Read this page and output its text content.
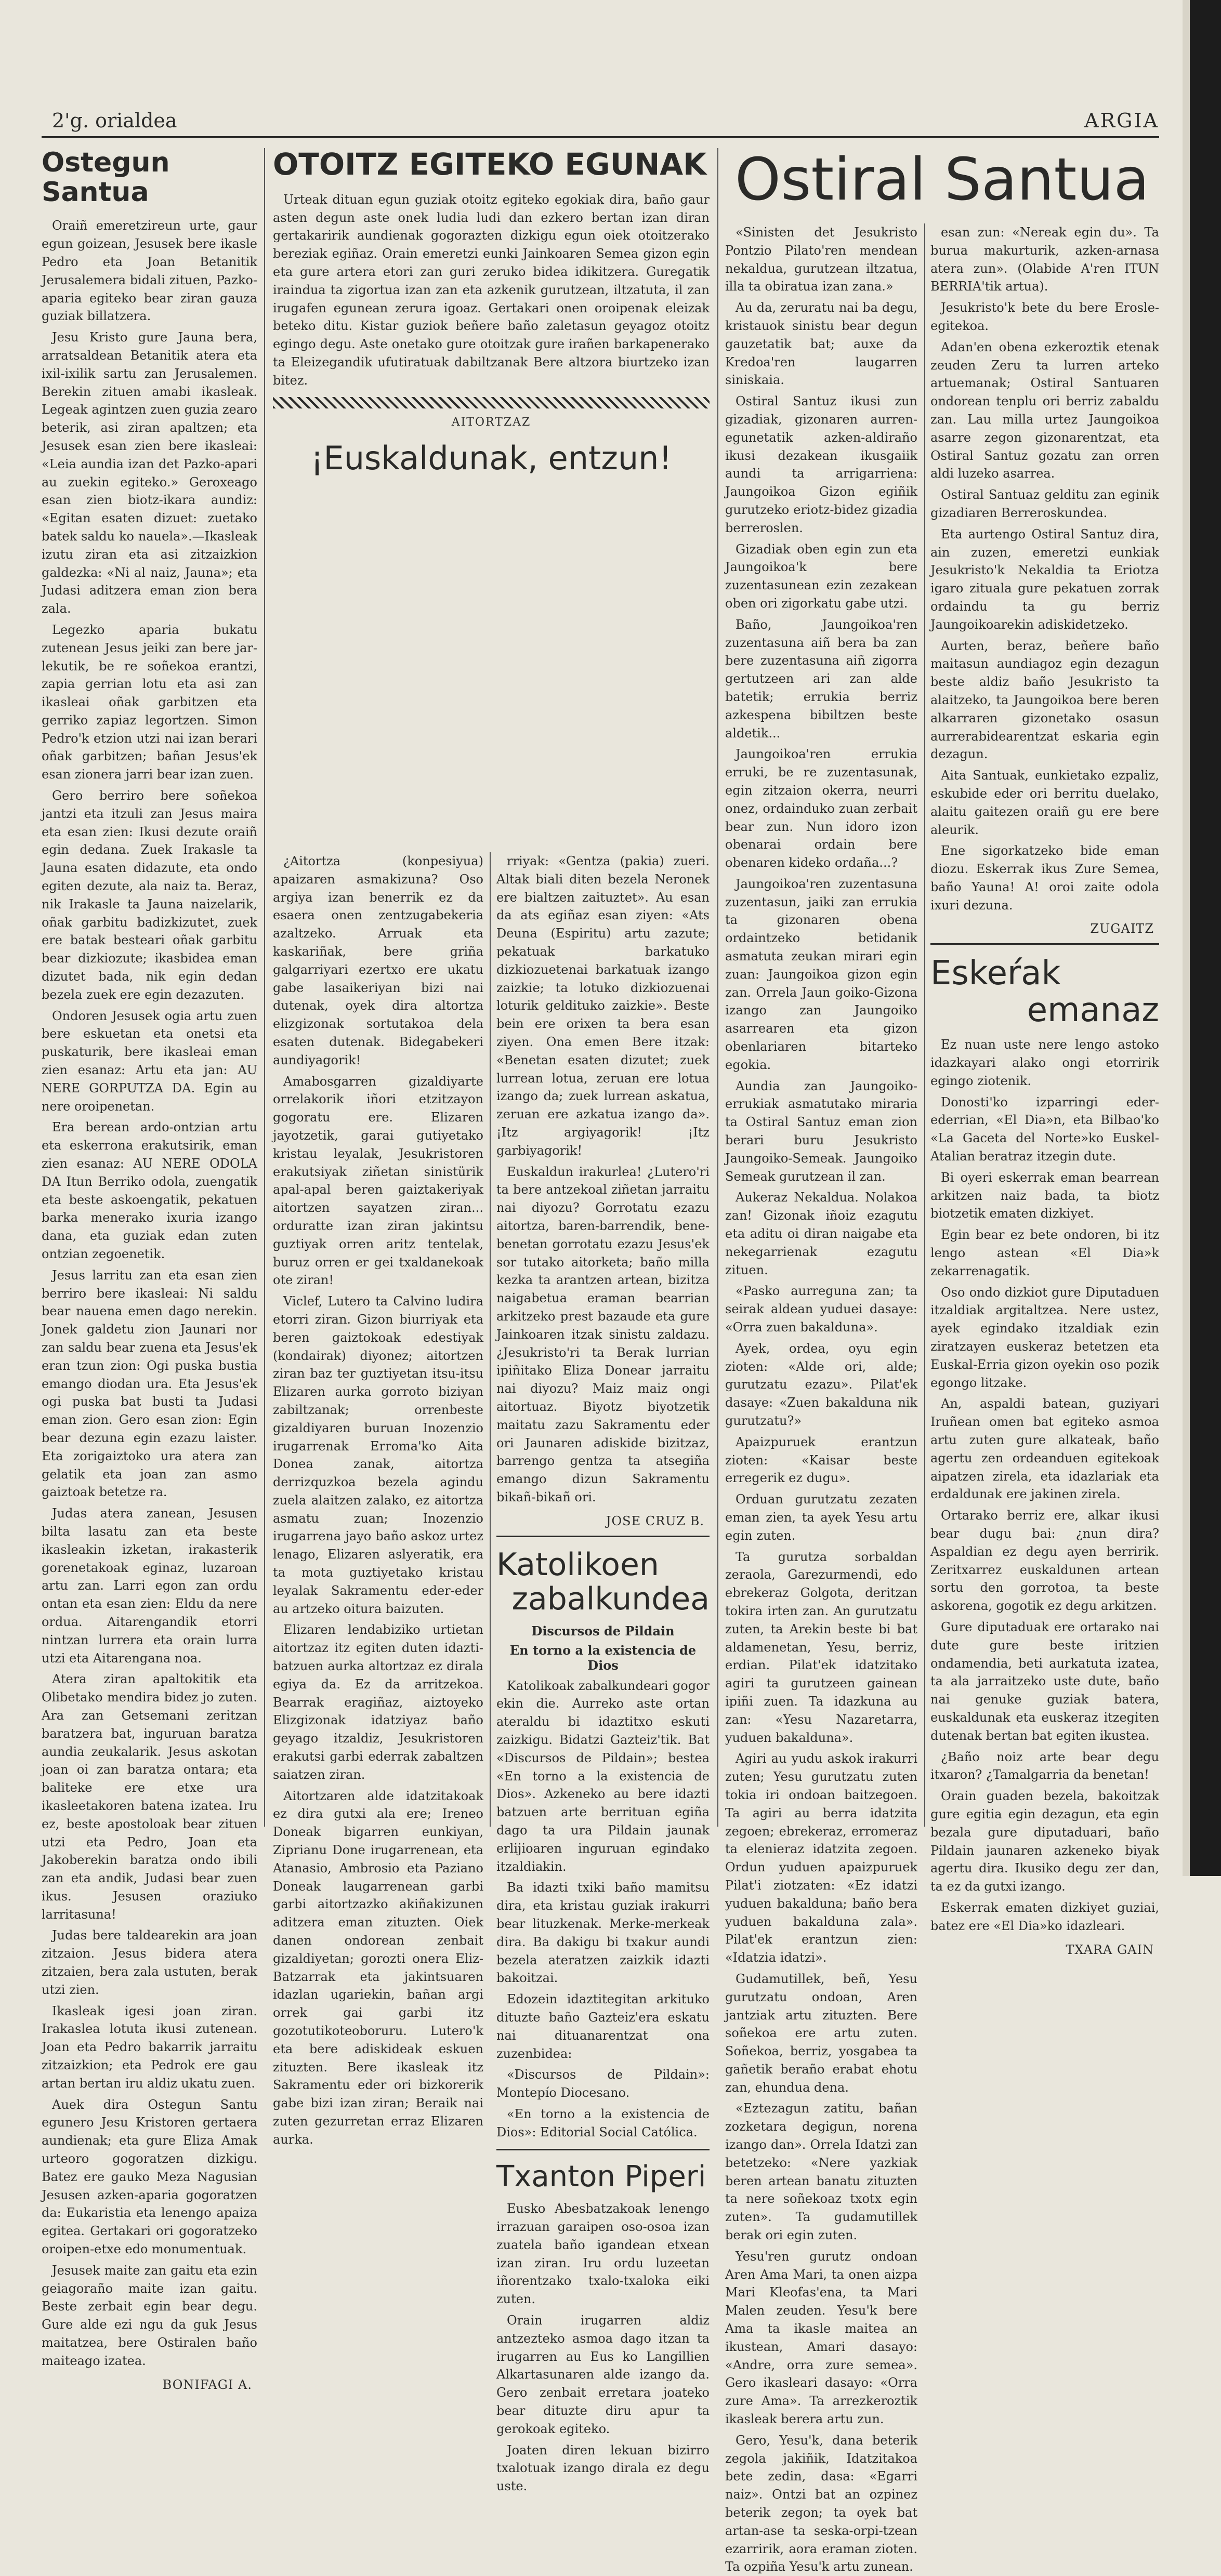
2'g. orialdea	ARGIA
Ostegun Santua

Oraiñ emeretzireun urte, gaur egun goizean, Jesusek bere ikasle Pedro eta Joan Betanitik Jerusalemera bidali zituen, Pazko-aparia egiteko bear ziran gauza guziak billatzera.

Jesu Kristo gure Jauna bera, arratsaldean Betanitik atera eta ixil-ixilik sartu zan Jerusalemen. Berekin zituen amabi ikasleak. Legeak agintzen zuen guzia zearo beterik, asi ziran apaltzen; eta Jesusek esan zien bere ikasleai: «Leia aundia izan det Pazko-apari au zuekin egiteko.» Geroxeago esan zien biotz-ikara aundiz: «Egitan esaten dizuet: zuetako batek saldu ko nauela».—Ikasleak izutu ziran eta asi zitzaizkion galdezka: «Ni al naiz, Jauna»; eta Judasi aditzera eman zion bera zala.

Legezko aparia bukatu zutenean Jesus jeiki zan bere jar-lekutik, be re soñekoa erantzi, zapia gerrian lotu eta asi zan ikasleai oñak garbitzen eta gerriko zapiaz legortzen. Simon Pedro'k etzion utzi nai izan berari oñak garbitzen; bañan Jesus'ek esan zionera jarri bear izan zuen.

Gero berriro bere soñekoa jantzi eta itzuli zan Jesus maira eta esan zien: Ikusi dezute oraiñ egin dedana. Zuek Irakasle ta Jauna esaten didazute, eta ondo egiten dezute, ala naiz ta. Beraz, nik Irakasle ta Jauna naizelarik, oñak garbitu badizkizutet, zuek ere batak besteari oñak garbitu bear dizkiozute; ikasbidea eman dizutet bada, nik egin dedan bezela zuek ere egin dezazuten.

Ondoren Jesusek ogia artu zuen bere eskuetan eta onetsi eta puskaturik, bere ikasleai eman zien esanaz: Artu eta jan: AU NERE GORPUTZA DA. Egin au nere oroipenetan.

Era berean ardo-ontzian artu eta eskerrona erakutsirik, eman zien esanaz: AU NERE ODOLA DA Itun Berriko odola, zuengatik eta beste askoengatik, pekatuen barka menerako ixuria izango dana, eta guziak edan zuten ontzian zegoenetik.

Jesus larritu zan eta esan zien berriro bere ikasleai: Ni saldu bear nauena emen dago nerekin. Jonek galdetu zion Jaunari nor zan saldu bear zuena eta Jesus'ek eran tzun zion: Ogi puska bustia emango diodan ura. Eta Jesus'ek ogi puska bat busti ta Judasi eman zion. Gero esan zion: Egin bear dezuna egin ezazu laister. Eta zorigaiztoko ura atera zan gelatik eta joan zan asmo gaiztoak betetze ra.

Judas atera zanean, Jesusen bilta lasatu zan eta beste ikasleakin izketan, irakasterik gorenetakoak eginaz, luzaroan artu zan. Larri egon zan ordu ontan eta esan zien: Eldu da nere ordua. Aitarengandik etorri nintzan lurrera eta orain lurra utzi eta Aitarengana noa.

Atera ziran apaltokitik eta Olibetako mendira bidez jo zuten. Ara zan Getsemani zeritzan baratzera bat, inguruan baratza aundia zeukalarik. Jesus askotan joan oi zan baratza ontara; eta baliteke ere etxe ura ikasleetakoren batena izatea. Iru ez, beste apostoloak bear zituen utzi eta Pedro, Joan eta Jakoberekin baratza ondo ibili zan eta andik, Judasi bear zuen ikus. Jesusen oraziuko larritasuna!

Judas bere taldearekin ara joan zitzaion. Jesus bidera atera zitzaien, bera zala ustuten, berak utzi zien.

Ikasleak igesi joan ziran. Irakaslea lotuta ikusi zutenean. Joan eta Pedro bakarrik jarraitu zitzaizkion; eta Pedrok ere gau artan bertan iru aldiz ukatu zuen.

Auek dira Ostegun Santu egunero Jesu Kristoren gertaera aundienak; eta gure Eliza Amak urteoro gogoratzen dizkigu. Batez ere gauko Meza Nagusian Jesusen azken-aparia gogoratzen da: Eukaristia eta lenengo apaiza egitea. Gertakari ori gogoratzeko oroipen-etxe edo monumentuak.

Jesusek maite zan gaitu eta ezin geiagoraño maite izan gaitu. Beste zerbait egin bear degu. Gure alde ezi ngu da guk Jesus maitatzea, bere Ostiralen baño maiteago izatea.

BONIFAGI A.
OTOITZ EGITEKO EGUNAK

Urteak dituan egun guziak otoitz egiteko egokiak dira, baño gaur asten degun aste onek ludia ludi dan ezkero bertan izan diran gertakaririk aundienak gogorazten dizkigu egun oiek otoitzerako bereziak egiñaz. Orain emeretzi eunki Jainkoaren Semea gizon egin eta gure artera etori zan guri zeruko bidea idikitzera. Guregatik iraindua ta zigortua izan zan eta azkenik gurutzean, iltzatuta, il zan irugafen egunean zerura igoaz. Gertakari onen oroipenak eleizak beteko ditu. Kistar guziok beñere baño zaletasun geyagoz otoitz egingo degu. Aste onetako gure otoitzak gure irañen barkapenerako ta Eleizegandik ufutiratuak dabiltzanak Bere altzora biurtzeko izan bitez.

AITORTZAZ
¡Euskaldunak, entzun!

¿Aitortza (konpesiyua) apaizaren asmakizuna? Oso argiya izan benerrik ez da esaera onen zentzugabekeria azaltzeko. Arruak eta kaskariñak, bere griña galgarriyari ezertxo ere ukatu gabe lasaikeriyan bizi nai dutenak, oyek dira altortza elizgizonak sortutakoa dela esaten dutenak. Bidegabekeri aundiyagorik!

Amabosgarren gizaldiyarte orrelakorik iñori etzitzayon gogoratu ere. Elizaren jayotzetik, garai gutiyetako kristau leyalak, Jesukristoren erakutsiyak ziñetan sinistürik apal-apal beren gaiztakeriyak aitortzen sayatzen ziran... orduratte izan ziran jakintsu guztiyak orren aritz tentelak, buruz orren er gei txaldanekoak ote ziran!

Viclef, Lutero ta Calvino ludira etorri ziran. Gizon biurriyak eta beren gaiztokoak edestiyak (kondairak) diyonez; aitortzen ziran baz ter guztiyetan itsu-itsu Elizaren aurka gorroto biziyan zabiltzanak; orrenbeste gizaldiyaren buruan Inozenzio irugarrenak Erroma'ko Aita Donea zanak, aitortza derrizquzkoa bezela agindu zuela alaitzen zalako, ez aitortza asmatu zuan; Inozenzio irugarrena jayo baño askoz urtez lenago, Elizaren aslyeratik, era ta mota guztiyetako kristau leyalak Sakramentu eder-eder au artzeko oitura baizuten.

Elizaren lendabiziko urtietan aitortzaz itz egiten duten idazti-batzuen aurka altortzaz ez dirala egiya da. Ez da arritzekoa. Bearrak eragiñaz, aiztoyeko Elizgizonak idatziyaz baño geyago itzaldiz, Jesukristoren erakutsi garbi ederrak zabaltzen saiatzen ziran.

Aitortzaren alde idatzitakoak ez dira gutxi ala ere; Ireneo Doneak bigarren eunkiyan, Ziprianu Done irugarrenean, eta Atanasio, Ambrosio eta Paziano Doneak laugarrenean garbi garbi aitortzazko akiñakizunen aditzera eman zituzten. Oiek danen ondorean zenbait gizaldiyetan; gorozti onera Eliz-Batzarrak eta jakintsuaren idazlan ugariekin, bañan argi orrek gai garbi itz gozotutikoteoboruru. Lutero'k eta bere adiskideak eskuen zituzten. Bere ikasleak itz Sakramentu eder ori bizkorerik gabe bizi izan ziran; Beraik nai zuten gezurretan erraz Elizaren aurka.

rriyak: «Gentza (pakia) zueri. Altak biali diten bezela Neronek ere bialtzen zaituztet». Au esan da ats egiñaz esan ziyen: «Ats Deuna (Espiritu) artu zazute; pekatuak barkatuko dizkiozuetenai barkatuak izango zaizkie; ta lotuko dizkiozuenai loturik geldituko zaizkie». Beste bein ere orixen ta bera esan ziyen. Ona emen Bere itzak: «Benetan esaten dizutet; zuek lurrean lotua, zeruan ere lotua izango da; zuek lurrean askatua, zeruan ere azkatua izango da». ¡Itz argiyagorik! ¡Itz garbiyagorik!

Euskaldun irakurlea! ¿Lutero'ri ta bere antzekoal ziñetan jarraitu nai diyozu? Gorrotatu ezazu aitortza, baren-barrendik, bene-benetan gorrotatu ezazu Jesus'ek sor tutako aitorketa; baño milla kezka ta arantzen artean, bizitza naigabetua eraman bearrian arkitzeko prest bazaude eta gure Jainkoaren itzak sinistu zaldazu. ¿Jesukristo'ri ta Berak lurrian ipiñitako Eliza Donear jarraitu nai diyozu? Maiz maiz ongi aitortuaz. Biyotz biyotzetik maitatu zazu Sakramentu eder ori Jaunaren adiskide bizitzaz, barrengo gentza ta atsegiña emango dizun Sakramentu bikañ-bikañ ori.

JOSE CRUZ B.
Katolikoen
zabalkundea
Discursos de Pildain
En torno a la existencia de Dios

Katolikoak zabalkundeari gogor ekin die. Aurreko aste ortan ateraldu bi idaztitxo eskuti zaizkigu. Bidatzi Gazteiz'tik. Bat «Discursos de Pildain»; bestea «En torno a la existencia de Dios». Azkeneko au bere idazti batzuen arte berrituan egiña dago ta ura Pildain jaunak erlijioaren inguruan egindako itzaldiakin.

Ba idazti txiki baño mamitsu dira, eta kristau guziak irakurri bear lituzkenak. Merke-merkeak dira. Ba dakigu bi txakur aundi bezela ateratzen zaizkik idazti bakoitzai.

Edozein idaztitegitan arkituko dituzte baño Gazteiz'era eskatu nai dituanarentzat ona zuzenbidea:

«Discursos de Pildain»: Montepío Diocesano.

«En torno a la existencia de Dios»: Editorial Social Católica.

Txanton Piperi

Eusko Abesbatzakoak lenengo irrazuan garaipen oso-osoa izan zuatela baño igandean etxean izan ziran. Iru ordu luzeetan iñorentzako txalo-txaloka eiki zuten.

Orain irugarren aldiz antzezteko asmoa dago itzan ta irugarren au Eus ko Langillien Alkartasunaren alde izango da. Gero zenbait erretara joateko bear dituzte diru apur ta gerokoak egiteko.

Joaten diren lekuan bizirro txalotuak izango dirala ez degu uste.

Ostiral Santua

«Sinisten det Jesukristo Pontzio Pilato'ren mendean nekaldua, gurutzean iltzatua, illa ta obiratua izan zana.»

Au da, zeruratu nai ba degu, kristauok sinistu bear degun gauzetatik bat; auxe da Kredoa'ren laugarren siniskaia.

Ostiral Santuz ikusi zun gizadiak, gizonaren aurren-egunetatik azken-aldiraño ikusi dezakean ikusgaiik aundi ta arrigarriena: Jaungoikoa Gizon egiñik gurutzeko eriotz-bidez gizadia berreroslen.

Gizadiak oben egin zun eta Jaungoikoa'k bere zuzentasunean ezin zezakean oben ori zigorkatu gabe utzi.

Baño, Jaungoikoa'ren zuzentasuna aiñ bera ba zan bere zuzentasuna aiñ zigorra gertutzeen ari zan alde batetik; errukia berriz azkespena bibiltzen beste aldetik...

Jaungoikoa'ren errukia erruki, be re zuzentasunak, egin zitzaion okerra, neurri onez, ordainduko zuan zerbait bear zun. Nun idoro izon obenarai ordain bere obenaren kideko ordaña...?

Jaungoikoa'ren zuzentasuna zuzentasun, jaiki zan errukia ta gizonaren obena ordaintzeko betidanik asmatuta zeukan mirari egin zuan: Jaungoikoa gizon egin zan. Orrela Jaun goiko-Gizona izango zan Jaungoiko asarrearen eta gizon obenlariaren bitarteko egokia.

Aundia zan Jaungoiko-errukiak asmatutako miraria ta Ostiral Santuz eman zion berari buru Jesukristo Jaungoiko-Semeak. Jaungoiko Semeak gurutzean il zan.

Aukeraz Nekaldua. Nolakoa zan! Gizonak iñoiz ezagutu eta aditu oi diran naigabe eta nekegarrienak ezagutu zituen.

«Pasko aurreguna zan; ta seirak aldean yuduei dasaye: «Orra zuen bakalduna».

Ayek, ordea, oyu egin zioten: «Alde ori, alde; gurutzatu ezazu». Pilat'ek dasaye: «Zuen bakalduna nik gurutzatu?»

Apaizpuruek erantzun zioten: «Kaisar beste erregerik ez dugu».

Orduan gurutzatu zezaten eman zien, ta ayek Yesu artu egin zuten.

Ta gurutza sorbaldan zeraola, Garezurmendi, edo ebrekeraz Golgota, deritzan tokira irten zan. An gurutzatu zuten, ta Arekin beste bi bat aldamenetan, Yesu, berriz, erdian. Pilat'ek idatzitako agiri ta gurutzeen gainean ipiñi zuen. Ta idazkuna au zan: «Yesu Nazaretarra, yuduen bakalduna».

Agiri au yudu askok irakurri zuten; Yesu gurutzatu zuten tokia iri ondoan baitzegoen. Ta agiri au berra idatzita zegoen; ebrekeraz, erromeraz ta elenieraz idatzita zegoen. Ordun yuduen apaizpuruek Pilat'i ziotzaten: «Ez idatzi yuduen bakalduna; baño bera yuduen bakalduna zala». Pilat'ek erantzun zien: «Idatzia idatzi».

Gudamutillek, beñ, Yesu gurutzatu ondoan, Aren jantziak artu zituzten. Bere soñekoa ere artu zuten. Soñekoa, berriz, yosgabea ta gañetik beraño erabat ehotu zan, ehundua dena.

«Eztezagun zatitu, bañan zozketara degigun, norena izango dan». Orrela Idatzi zan betetzeko: «Nere yazkiak beren artean banatu zituzten ta nere soñekoaz txotx egin zuten». Ta gudamutillek berak ori egin zuten.

Yesu'ren gurutz ondoan Aren Ama Mari, ta onen aizpa Mari Kleofas'ena, ta Mari Malen zeuden. Yesu'k bere Ama ta ikasle maitea an ikustean, Amari dasayo: «Andre, orra zure semea». Gero ikasleari dasayo: «Orra zure Ama». Ta arrezkeroztik ikasleak berera artu zun.

Gero, Yesu'k, dana beterik zegola jakiñik, Idatzitakoa bete zedin, dasa: «Egarri naiz». Ontzi bat an ozpinez beterik zegon; ta oyek bat artan-ase ta seska-orpi-tzean ezarririk, aora eraman zioten. Ta ozpiña Yesu'k artu zunean.

esan zun: «Nereak egin du». Ta burua makurturik, azken-arnasa atera zun». (Olabide A'ren ITUN BERRIA'tik artua).

Jesukristo'k bete du bere Erosle-egitekoa.

Adan'en obena ezkeroztik etenak zeuden Zeru ta lurren arteko artuemanak; Ostiral Santuaren ondorean tenplu ori berriz zabaldu zan. Lau milla urtez Jaungoikoa asarre zegon gizonarentzat, eta Ostiral Santuz gozatu zan orren aldi luzeko asarrea.

Ostiral Santuaz gelditu zan eginik gizadiaren Berreroskundea.

Eta aurtengo Ostiral Santuz dira, ain zuzen, emeretzi eunkiak Jesukristo'k Nekaldia ta Eriotza igaro zituala gure pekatuen zorrak ordaindu ta gu berriz Jaungoikoarekin adiskidetzeko.

Aurten, beraz, beñere baño maitasun aundiagoz egin dezagun beste aldiz baño Jesukristo ta alaitzeko, ta Jaungoikoa bere beren alkarraren gizonetako osasun aurrerabidearentzat eskaria egin dezagun.

Aita Santuak, eunkietako ezpaliz, eskubide eder ori berritu duelako, alaitu gaitezen oraiñ gu ere bere aleurik.

Ene sigorkatzeko bide eman diozu. Eskerrak ikus Zure Semea, baño Yauna! A! oroi zaite odola ixuri dezuna.

ZUGAITZ
Eskeŕak
emanaz

Ez nuan uste nere lengo astoko idazkayari alako ongi etorririk egingo ziotenik.

Donosti'ko izparringi eder-ederrian, «El Dia»n, eta Bilbao'ko «La Gaceta del Norte»ko Euskel-Atalian beratraz itzegin dute.

Bi oyeri eskerrak eman bearrean arkitzen naiz bada, ta biotz biotzetik ematen dizkiyet.

Egin bear ez bete ondoren, bi itz lengo astean «El Dia»k zekarrenagatik.

Oso ondo dizkiot gure Diputaduen itzaldiak argitaltzea. Nere ustez, ayek egindako itzaldiak ezin ziratzayen euskeraz betetzen eta Euskal-Erria gizon oyekin oso pozik egongo litzake.

An, aspaldi batean, guziyari Iruñean omen bat egiteko asmoa artu zuten gure alkateak, baño agertu zen ordeanduen egitekoak aipatzen zirela, eta idazlariak eta erdaldunak ere jakinen zirela.

Ortarako berriz ere, alkar ikusi bear dugu bai: ¿nun dira? Aspaldian ez degu ayen berririk. Zeritxarrez euskaldunen artean sortu den gorrotoa, ta beste askorena, gogotik ez degu arkitzen.

Gure diputaduak ere ortarako nai dute gure beste iritzien ondamendia, beti aurkatuta izatea, ta ala jarraitzeko uste dute, baño nai genuke guziak batera, euskaldunak eta euskeraz itzegiten dutenak bertan bat egiten ikustea.

¿Baño noiz arte bear degu itxaron? ¿Tamalgarria da benetan!

Orain guaden bezela, bakoitzak gure egitia egin dezagun, eta egin bezala gure diputaduari, baño Pildain jaunaren azkeneko biyak agertu dira. Ikusiko degu zer dan, ta ez da gutxi izango.

Eskerrak ematen dizkiyet guziai, batez ere «El Dia»ko idazleari.

TXARA GAIN
